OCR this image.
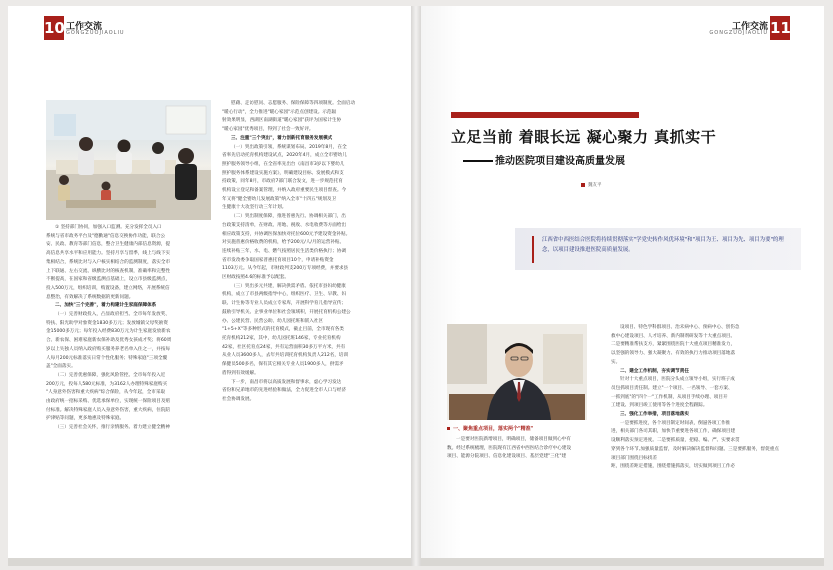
10 工作交流
GONGZUOJIAOLIU

① 坚持部门协同，加强入口监测。充分发挥全员入口
系统与省市政务平台及"德勤通"信息交换协作功能，联合公
安、民政、教育等部门信息，整合卫生健康内部信息资源，提
高信息共享水平和应用能力。坚持月享与留季，线上与线下实
集相结合，系统比对与入户核实相结合的监测制度，落实全市
上下联通、左右交流、纵横比对的核查机制，准确率和完整性
不断提高，在国家和省级监测点基础上，设立市县级监测点，
投入500万元，组织培训，购置设备，建立网络，开展系统信
息整治，有效解决了系统数据的更新问题。

二、加快"三个完善"，着力构建计生家庭保障体系

（一）完善财政投入，凸显政府担当。全市每年发放奖、
特扶、阳光助学对象资金1830多万元；发放城镇父母奖励资
金15000多万元；每年投入经费830万元为计生家庭发放新农
合、新农保、困难家庭新农保补助及优秀女孩成才奖；将60周
岁以上失独人员纳入政府购买服务养老名单入住之一，并按每
人每月200元标准落实日常个性化服务；特殊家庭"三项全覆
盖"全面落实。

（二）完善优惠保障，强化风险管控。全市每年投入近
200万元，投每人580元标准，为3162人办理特殊家庭购买
"人身意外伤害和重大疾病"综合保险，从今年起，全市采取
由政府统一招标采购、优选承保单位，实现统一保险项目及赔
付标准。解决特殊家庭人员入身意外伤害，重大疾病，住院陪
护津贴等问题，更多地惠及特殊家庭。

（三）完善社会关怀，推行亲情服务。着力建立健全精神

慰藉、走访慰问、志愿服务、保险保障等四项制度。全面启动
"暖心行动"，全力推进"暖心家园"示范点创建设。示范辐
射效果明显，西湖区南湖街道"暖心家园"获评为国家计生协
"暖心家园"优秀项目，得到了社会一致好评。

三、注重"三个突出"，着力创新托育服务发展模式

（一）突出政策引领，系统谋划布局。2019年8月，在全
省率先启动托育机构建设试点，2020年4月，成立全市婴幼儿
照护服务领导小组，在全省率先出台《南昌市3岁以下婴幼儿
照护服务体系建设实施方案》，明确建设目标、发展模式和支
持政策，同年8月，市政府7部门联合发文，进一步规范托育
机构设立登记和备案管理，并纳入政府重要民生项目督查。今
年又将"健全婴幼儿发展政策"纳入全市"十四五"规划及卫
生健康十大攻坚行动三年计划。

（二）突出制度保障，推进普惠先行。协调相关部门，出
台政策支持清单，在财政、用地、税收、水电收费等方面给出
相应政策支持，并协调医保加快对托位600元予建设资金补贴。
对实施普惠价格收费的机构，给予200元/人/月的运营补贴。
连续补贴三年，水、电、燃气按照居民生活类价格执行；协调
省市发改委争取国家普惠托育项目10个，申请补贴资金
1103万元。从今年起，市财政列支200万专项经费，并要求县
区财政按照4.6的标准予以配套。

（三）突出多元共建，解决供需矛盾。依托市县妇幼健康
机构，成立了市县两级指导中心，组织医疗、卫生、早教、妇
联、计生协等专业人员成立专家库，开展科学育儿指导宣传；
鼓励引导机关、企事业单位和社会领域积，开展托育机构公建公
办、公建民营、民营公助、幼儿园托班和嵌入社区
"1+5+X"等多种形式的托育模式，截止目前，全市现有各类
托育机构212家，其中，幼儿园托班146家，专业托育机构
42家，社区托育点24家，共有运营面积30多万平方米，共有
从业人员3600多人，去年共培训托育机构负责人212名，培训
保健员500多名，保有其它相关专业人员1900多人，供需矛
盾得到有效缓解。

下一步，南昌市将以高质发展和督事求，虚心学习发达
省份和兄弟地市的先进经验和做法，全力促进全市人口与经济
社会协调发展。

11
工作交流
GONGZUOJIAOLIU
立足当前 着眼长远 凝心聚力 真抓实干
推动医院项目建设高质量发展
魏友平

江西省中西医结合医院将持续贯彻落实"学党史转作风优环境"和"项目为王、项目为先、项目为要"的理念，以项目建设推进医院高质量发展。

一、聚焦重点项目，落实两个"精准"

一是要对医院新增项目，明确项目，储备项目做到心中有
数。经过系统梳理，医院现有江西省中西医结合诊疗中心建设
项目、能源分院项目、信息化建设项目、基层党建"三化"建

设项目、特色学科群项目、治未病中心、预病中心、创伤急
救中心建设项目、人才培养、新内制剂研发等十大重点项目。
二是要精准帮扶支方，紧紧围绕医院十大重点项目精准发力，
以坚强的领导力、强大凝聚力、有效的执行力推动项目落地落
实。

二、建全工作机制，夯实调节责任

针对十大重点项目，医院分头成立领导小组，实行班子成
员包抓项目责任制。建立"一个项目、一名领导、一套方案、
一抓到底"的"四个一"工作机制，从项目手续办理、项目开
工建设、到项目竣工使用等各个进度全程跟踪。

三、强化工作举措，项目落地落实

一是要抓进度，各个项目制定时间表，倒逼各项工作推
进，相关部门各司其职，加快节重要进各项工作，确保项目建
设顺利落实预定进度。二是要抓质量，把稳、编、严、实要求贯
穿到各个环节,加强质量监督，及时解决解决监督和问题。三是要抓服务，督促重点项目部门围绕目标找差
距，围绕差距定措施，围绕措施抓落实，切实做到项目工作必
